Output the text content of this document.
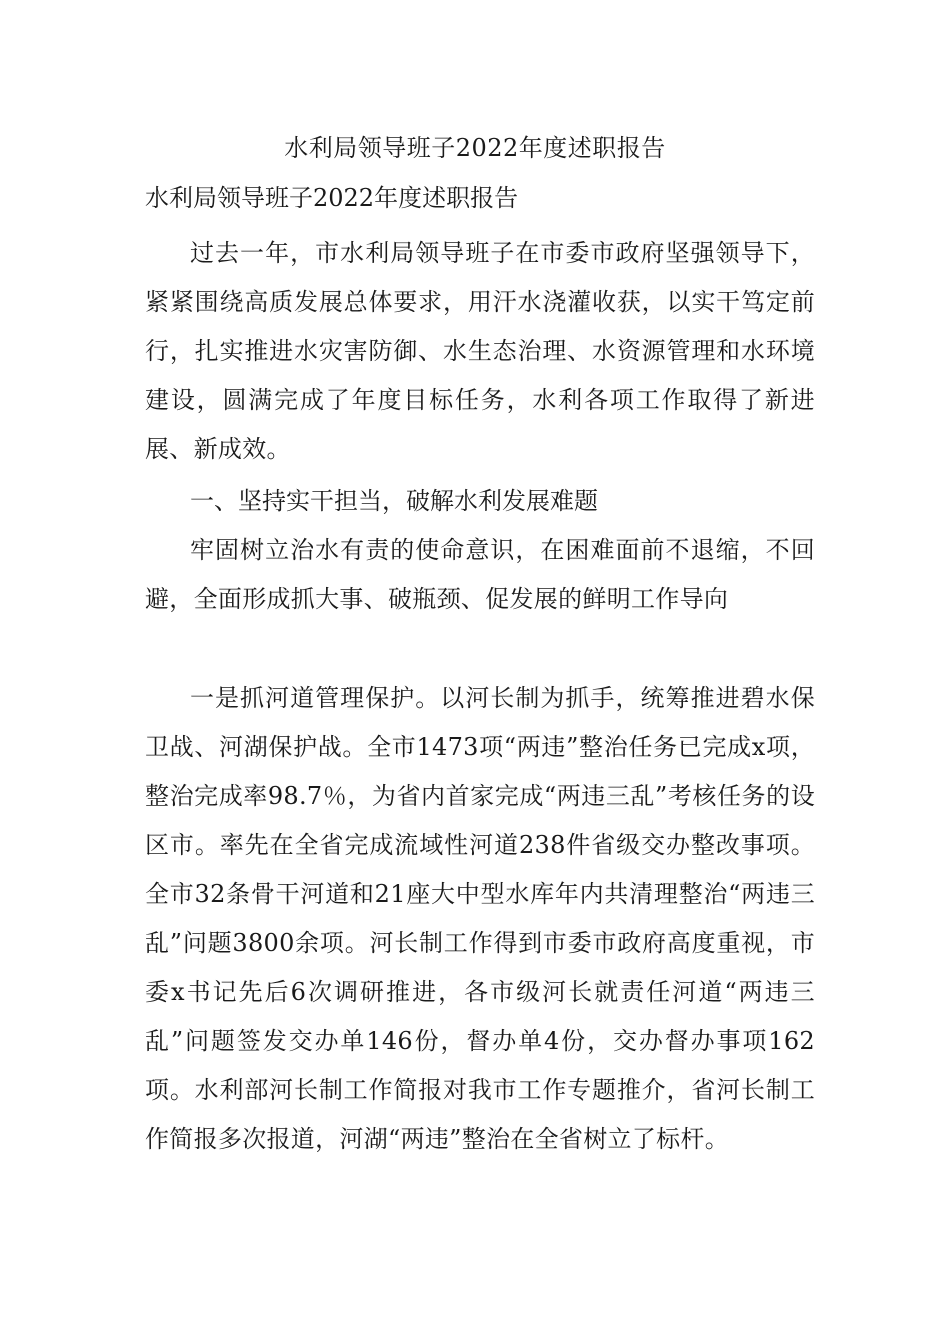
水利局领导班子2022年度述职报告
水利局领导班子2022年度述职报告

过去一年，市水利局领导班子在市委市政府坚强领导下，紧紧围绕高质发展总体要求，用汗水浇灌收获，以实干笃定前行，扎实推进水灾害防御、水生态治理、水资源管理和水环境建设，圆满完成了年度目标任务，水利各项工作取得了新进展、新成效。

一、坚持实干担当，破解水利发展难题

牢固树立治水有责的使命意识，在困难面前不退缩，不回避，全面形成抓大事、破瓶颈、促发展的鲜明工作导向

一是抓河道管理保护。以河长制为抓手，统筹推进碧水保卫战、河湖保护战。全市1473项“两违”整治任务已完成x项，整治完成率98.7％，为省内首家完成“两违三乱”考核任务的设区市。率先在全省完成流域性河道238件省级交办整改事项。全市32条骨干河道和21座大中型水库年内共清理整治“两违三乱”问题3800余项。河长制工作得到市委市政府高度重视，市委x书记先后6次调研推进，各市级河长就责任河道“两违三乱”问题签发交办单146份，督办单4份，交办督办事项162项。水利部河长制工作简报对我市工作专题推介，省河长制工作简报多次报道，河湖“两违”整治在全省树立了标杆。
